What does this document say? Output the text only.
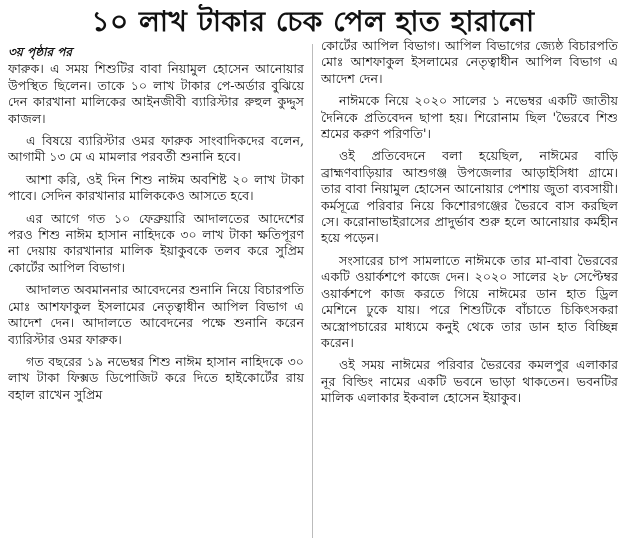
১০ লাখ টাকার চেক পেল হাত হারানো
৩য় পৃষ্ঠার পর

ফারুক। এ সময় শিশুটির বাবা নিয়ামুল হোসেন আনোয়ার উপস্থিত ছিলেন। তাকে ১০ লাখ টাকার পে-অর্ডার বুঝিয়ে দেন কারখানা মালিকের আইনজীবী ব্যারিস্টার রুহুল কুদ্দুস কাজল।

এ বিষয়ে ব্যারিস্টার ওমর ফারুক সাংবাদিকদের বলেন, আগামী ১৩ মে এ মামলার পরবর্তী শুনানি হবে।

আশা করি, ওই দিন শিশু নাঈম অবশিষ্ট ২০ লাখ টাকা পাবে। সেদিন কারখানার মালিককেও আসতে হবে।

এর আগে গত ১০ ফেব্রুয়ারি আদালতের আদেশের পরও শিশু নাঈম হাসান নাহিদকে ৩০ লাখ টাকা ক্ষতিপূরণ না দেয়ায় কারখানার মালিক ইয়াকুবকে তলব করে সুপ্রিম কোর্টের আপিল বিভাগ।

আদালত অবমাননার আবেদনের শুনানি নিয়ে বিচারপতি মোঃ আশফাকুল ইসলামের নেতৃত্বাধীন আপিল বিভাগ এ আদেশ দেন। আদালতে আবেদনের পক্ষে শুনানি করেন ব্যারিস্টার ওমর ফারুক।

গত বছরের ১৯ নভেম্বর শিশু নাঈম হাসান নাহিদকে ৩০ লাখ টাকা ফিক্সড ডিপোজিট করে দিতে হাইকোর্টের রায় বহাল রাখেন সুপ্রিম

কোর্টের আপিল বিভাগ। আপিল বিভাগের জ্যেষ্ঠ বিচারপতি মোঃ আশফাকুল ইসলামের নেতৃত্বাধীন আপিল বিভাগ এ আদেশ দেন।

নাঈমকে নিয়ে ২০২০ সালের ১ নভেম্বর একটি জাতীয় দৈনিকে প্রতিবেদন ছাপা হয়। শিরোনাম ছিল 'ভৈরবে শিশু শ্রমের করুণ পরিণতি'।

ওই প্রতিবেদনে বলা হয়েছিল, নাঈমের বাড়ি ব্রাহ্মণবাড়িয়ার আশুগঞ্জ উপজেলার আড়াইসিধা গ্রামে। তার বাবা নিয়ামুল হোসেন আনোয়ার পেশায় জুতা ব্যবসায়ী। কর্মসূত্রে পরিবার নিয়ে কিশোরগঞ্জের ভৈরবে বাস করছিল সে। করোনাভাইরাসের প্রাদুর্ভাব শুরু হলে আনোয়ার কর্মহীন হয়ে পড়েন।

সংসারের চাপ সামলাতে নাঈমকে তার মা-বাবা ভৈরবের একটি ওয়ার্কশপে কাজে দেন। ২০২০ সালের ২৮ সেপ্টেম্বর ওয়ার্কশপে কাজ করতে গিয়ে নাঈমের ডান হাত ড্রিল মেশিনে ঢুকে যায়। পরে শিশুটিকে বাঁচাতে চিকিৎসকরা অস্ত্রোপচারের মাধ্যমে কনুই থেকে তার ডান হাত বিচ্ছিন্ন করেন।

ওই সময় নাঈমের পরিবার ভৈরবের কমলপুর এলাকার নূর বিল্ডিং নামের একটি ভবনে ভাড়া থাকতেন। ভবনটির মালিক এলাকার ইকবাল হোসেন ইয়াকুব।
